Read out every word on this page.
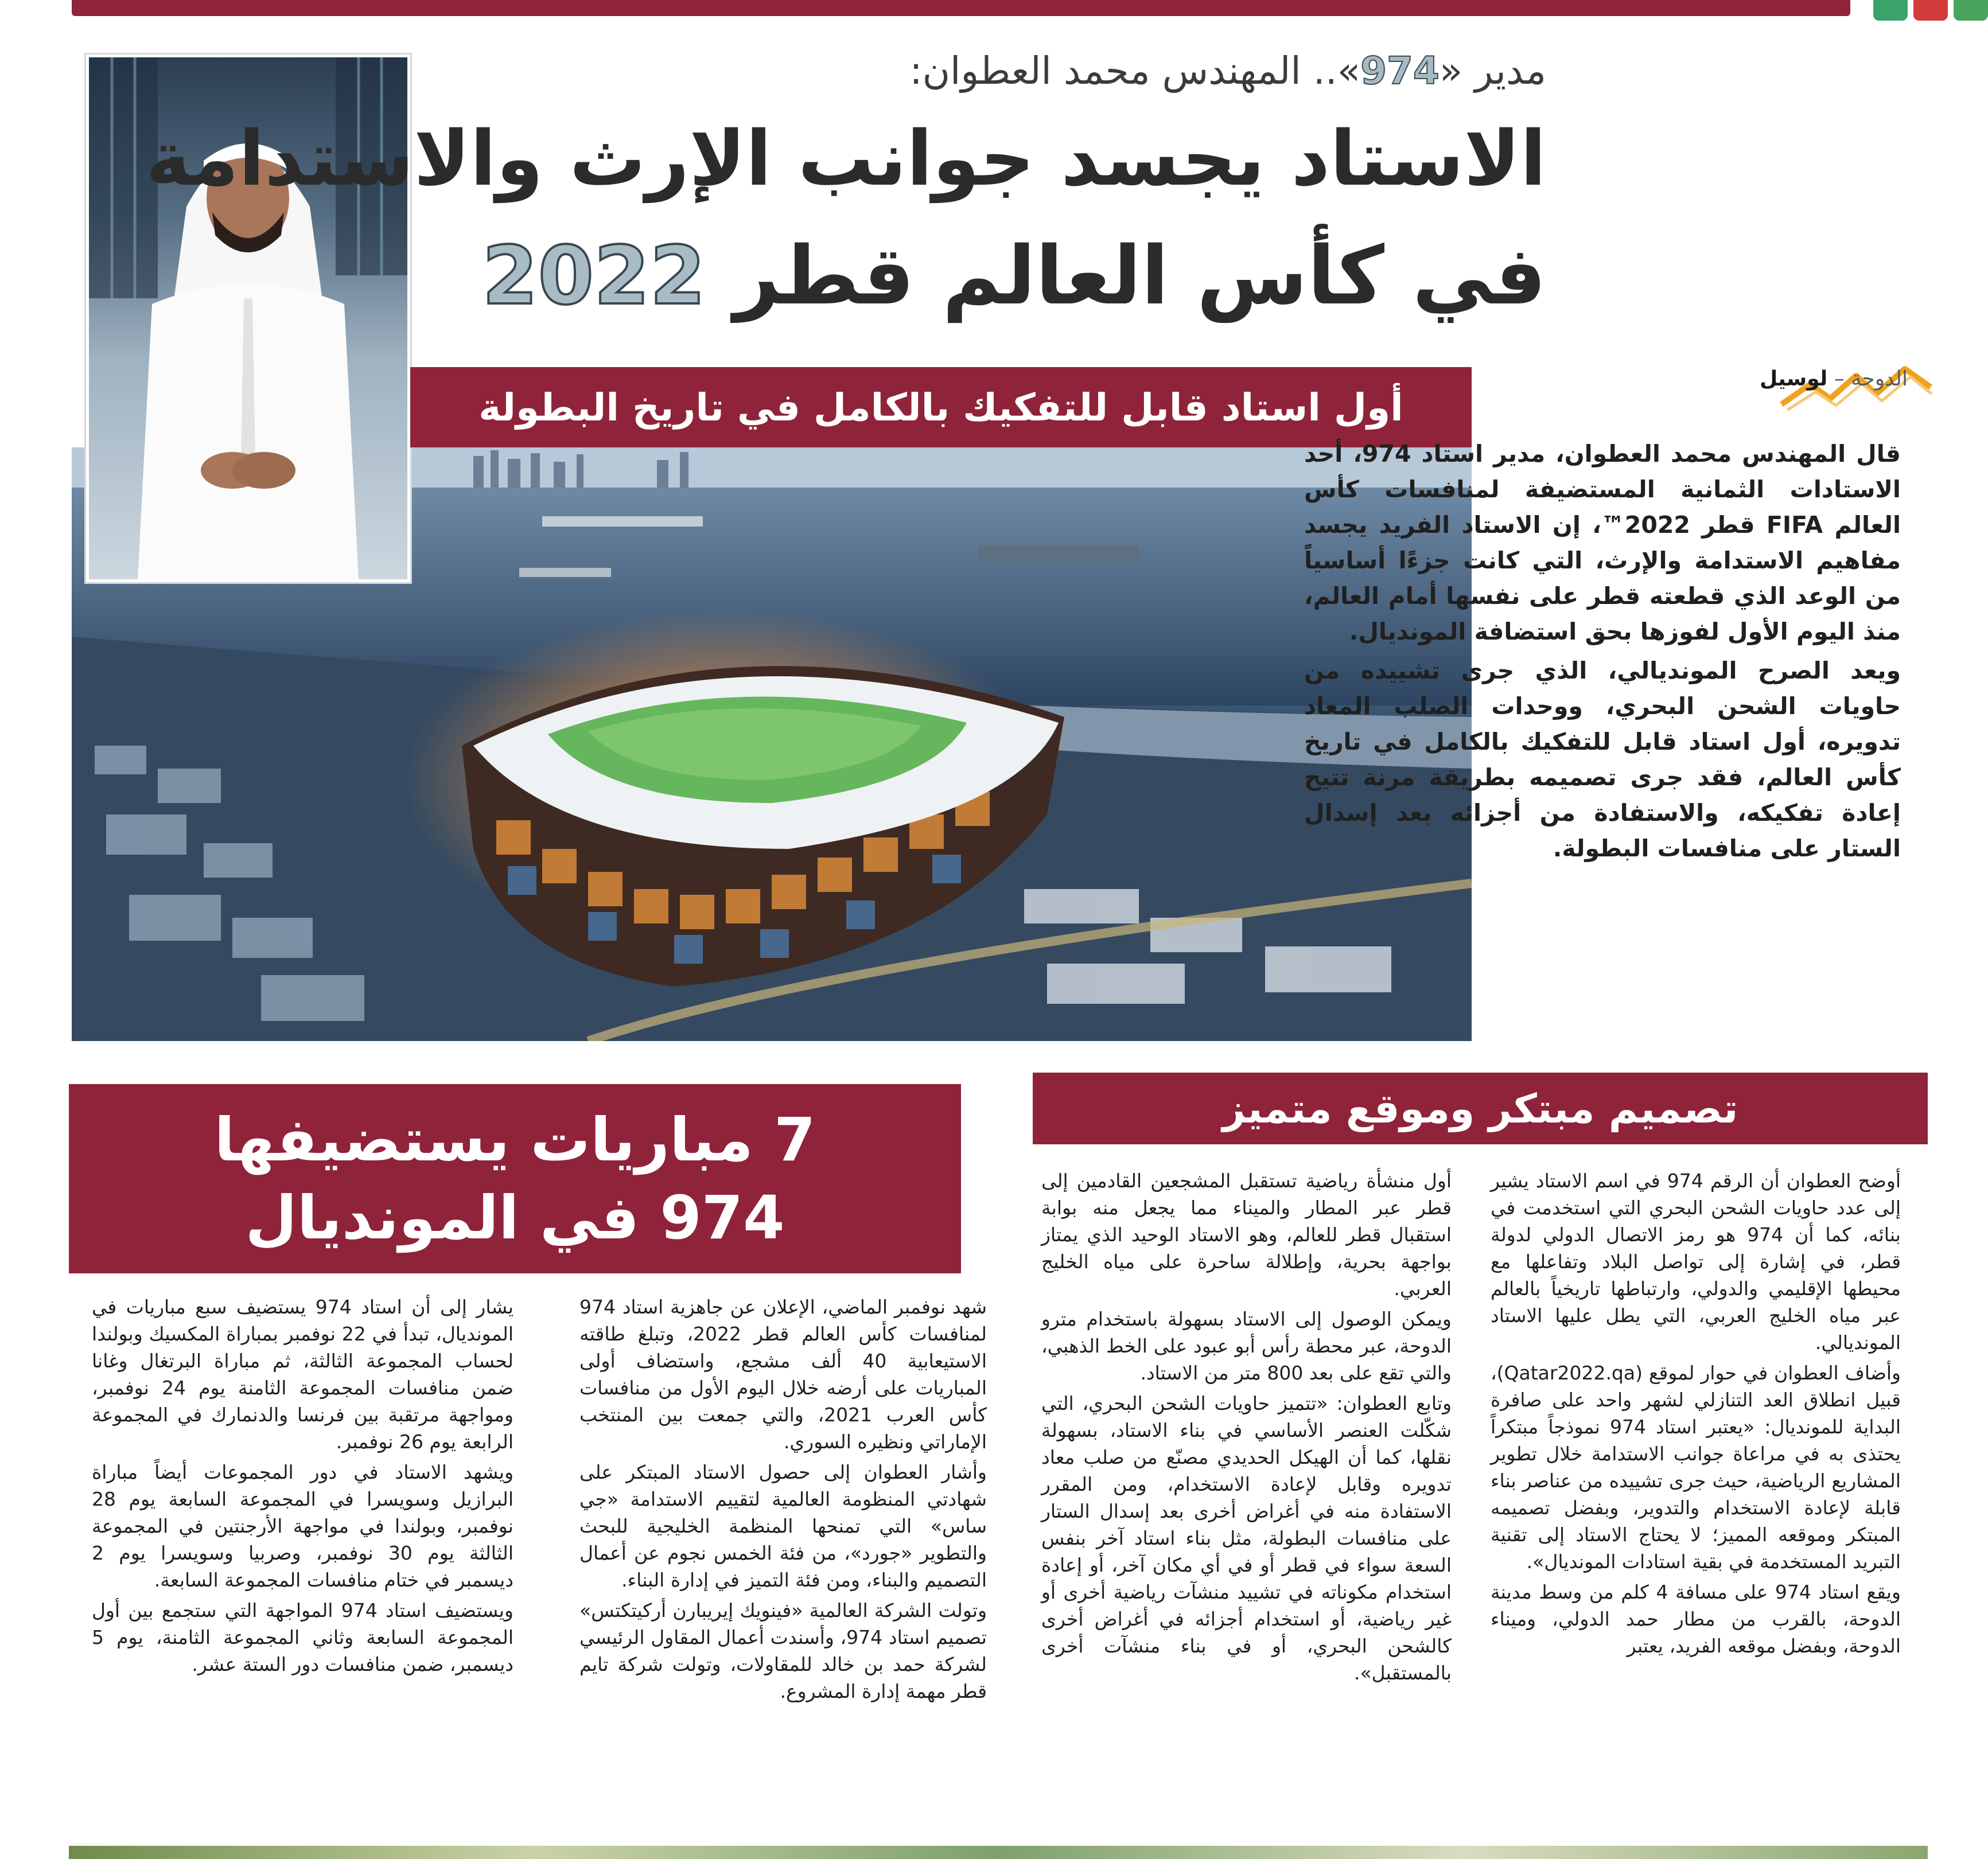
مدير «974».. المهندس محمد العطوان:
الاستاد يجسد جوانب الإرث والاستدامة
في كأس العالم قطر 2022
أول استاد قابل للتفكيك بالكامل في تاريخ البطولة
الدوحة – لوسيل

قال المهندس محمد العطوان، مدير استاد 974، أحد الاستادات الثمانية المستضيفة لمنافسات كأس العالم FIFA قطر 2022™، إن الاستاد الفريد يجسد مفاهيم الاستدامة والإرث، التي كانت جزءًا أساسياً من الوعد الذي قطعته قطر على نفسها أمام العالم، منذ اليوم الأول لفوزها بحق استضافة المونديال.

ويعد الصرح المونديالي، الذي جرى تشييده من حاويات الشحن البحري، ووحدات الصلب المعاد تدويره، أول استاد قابل للتفكيك بالكامل في تاريخ كأس العالم، فقد جرى تصميمه بطريقة مرنة تتيح إعادة تفكيكه، والاستفادة من أجزائه بعد إسدال الستار على منافسات البطولة.

تصميم مبتكر وموقع متميز
7 مباريات يستضيفها
974 في المونديال

أوضح العطوان أن الرقم 974 في اسم الاستاد يشير إلى عدد حاويات الشحن البحري التي استخدمت في بنائه، كما أن 974 هو رمز الاتصال الدولي لدولة قطر، في إشارة إلى تواصل البلاد وتفاعلها مع محيطها الإقليمي والدولي، وارتباطها تاريخياً بالعالم عبر مياه الخليج العربي، التي يطل عليها الاستاد المونديالي.

وأضاف العطوان في حوار لموقع (Qatar2022.qa)، قبيل انطلاق العد التنازلي لشهر واحد على صافرة البداية للمونديال: «يعتبر استاد 974 نموذجاً مبتكراً يحتذى به في مراعاة جوانب الاستدامة خلال تطوير المشاريع الرياضية، حيث جرى تشييده من عناصر بناء قابلة لإعادة الاستخدام والتدوير، وبفضل تصميمه المبتكر وموقعه المميز؛ لا يحتاج الاستاد إلى تقنية التبريد المستخدمة في بقية استادات المونديال».

ويقع استاد 974 على مسافة 4 كلم من وسط مدينة الدوحة، بالقرب من مطار حمد الدولي، وميناء الدوحة، وبفضل موقعه الفريد، يعتبر

أول منشأة رياضية تستقبل المشجعين القادمين إلى قطر عبر المطار والميناء مما يجعل منه بوابة استقبال قطر للعالم، وهو الاستاد الوحيد الذي يمتاز بواجهة بحرية، وإطلالة ساحرة على مياه الخليج العربي.

ويمكن الوصول إلى الاستاد بسهولة باستخدام مترو الدوحة، عبر محطة رأس أبو عبود على الخط الذهبي، والتي تقع على بعد 800 متر من الاستاد.

وتابع العطوان: «تتميز حاويات الشحن البحري، التي شكّلت العنصر الأساسي في بناء الاستاد، بسهولة نقلها، كما أن الهيكل الحديدي مصنّع من صلب معاد تدويره وقابل لإعادة الاستخدام، ومن المقرر الاستفادة منه في أغراض أخرى بعد إسدال الستار على منافسات البطولة، مثل بناء استاد آخر بنفس السعة سواء في قطر أو في أي مكان آخر، أو إعادة استخدام مكوناته في تشييد منشآت رياضية أخرى أو غير رياضية، أو استخدام أجزائه في أغراض أخرى كالشحن البحري، أو في بناء منشآت أخرى بالمستقبل».

شهد نوفمبر الماضي، الإعلان عن جاهزية استاد 974 لمنافسات كأس العالم قطر 2022، وتبلغ طاقته الاستيعابية 40 ألف مشجع، واستضاف أولى المباريات على أرضه خلال اليوم الأول من منافسات كأس العرب 2021، والتي جمعت بين المنتخب الإماراتي ونظيره السوري.

وأشار العطوان إلى حصول الاستاد المبتكر على شهادتي المنظومة العالمية لتقييم الاستدامة «جي ساس» التي تمنحها المنظمة الخليجية للبحث والتطوير «جورد»، من فئة الخمس نجوم عن أعمال التصميم والبناء، ومن فئة التميز في إدارة البناء.

وتولت الشركة العالمية «فينويك إيريبارن أركيتكتس» تصميم استاد 974، وأسندت أعمال المقاول الرئيسي لشركة حمد بن خالد للمقاولات، وتولت شركة تايم قطر مهمة إدارة المشروع.

يشار إلى أن استاد 974 يستضيف سبع مباريات في المونديال، تبدأ في 22 نوفمبر بمباراة المكسيك وبولندا لحساب المجموعة الثالثة، ثم مباراة البرتغال وغانا ضمن منافسات المجموعة الثامنة يوم 24 نوفمبر، ومواجهة مرتقبة بين فرنسا والدنمارك في المجموعة الرابعة يوم 26 نوفمبر.

ويشهد الاستاد في دور المجموعات أيضاً مباراة البرازيل وسويسرا في المجموعة السابعة يوم 28 نوفمبر، وبولندا في مواجهة الأرجنتين في المجموعة الثالثة يوم 30 نوفمبر، وصربيا وسويسرا يوم 2 ديسمبر في ختام منافسات المجموعة السابعة.

ويستضيف استاد 974 المواجهة التي ستجمع بين أول المجموعة السابعة وثاني المجموعة الثامنة، يوم 5 ديسمبر، ضمن منافسات دور الستة عشر.
